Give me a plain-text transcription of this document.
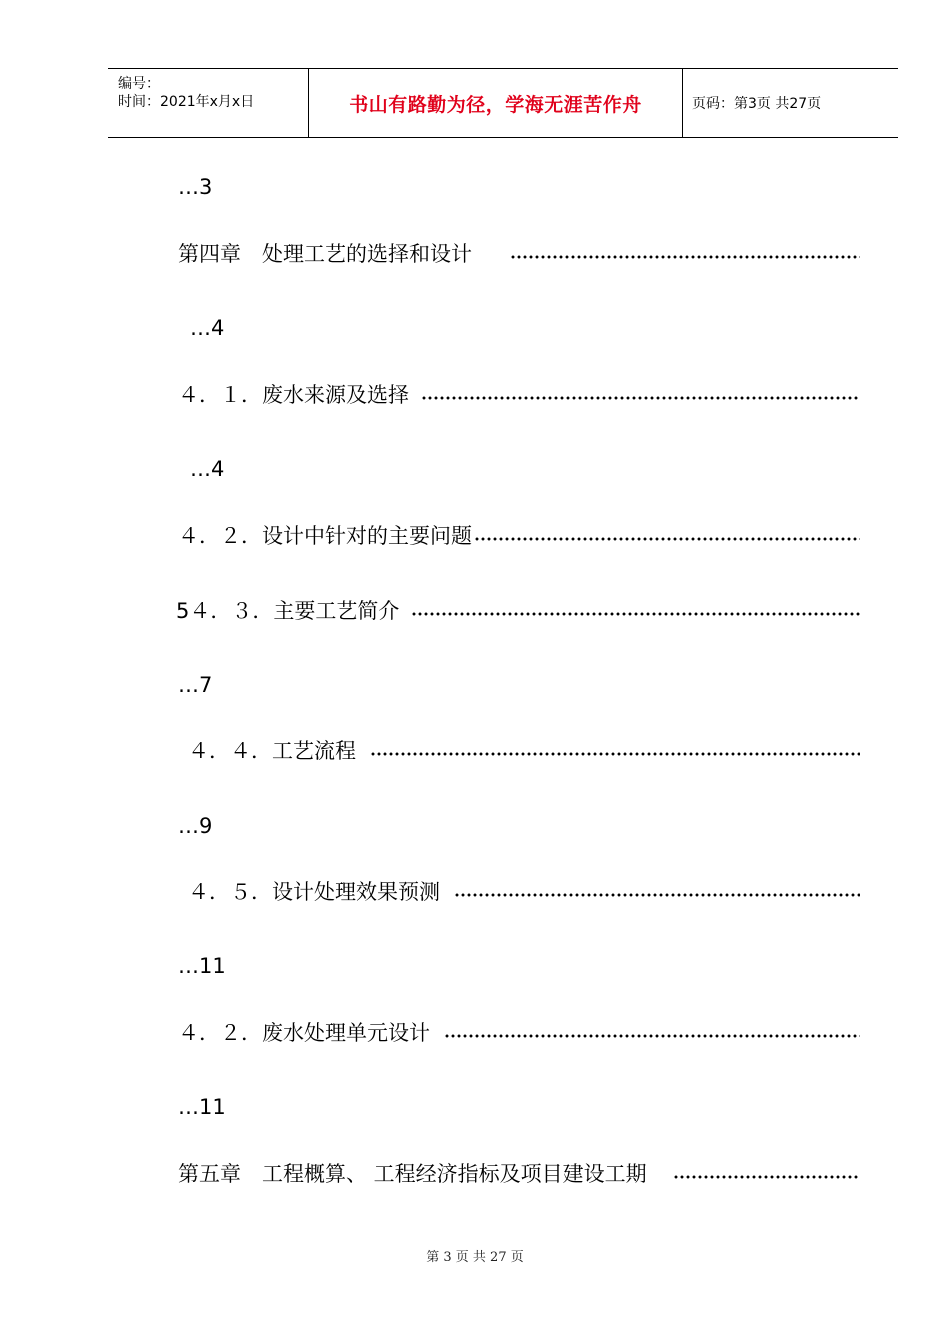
编号：
时间：2021年x月x日	书山有路勤为径，学海无涯苦作舟	页码：第3页 共27页
…3
第四章　处理工艺的选择和设计
…4
４．１．废水来源及选择
…4
４．２．设计中针对的主要问题
5４．３．主要工艺简介
…7
４．４．工艺流程
…9
４．５．设计处理效果预测
…11
４．２．废水处理单元设计
…11
第五章　工程概算、 工程经济指标及项目建设工期
第 3 页 共 27 页
